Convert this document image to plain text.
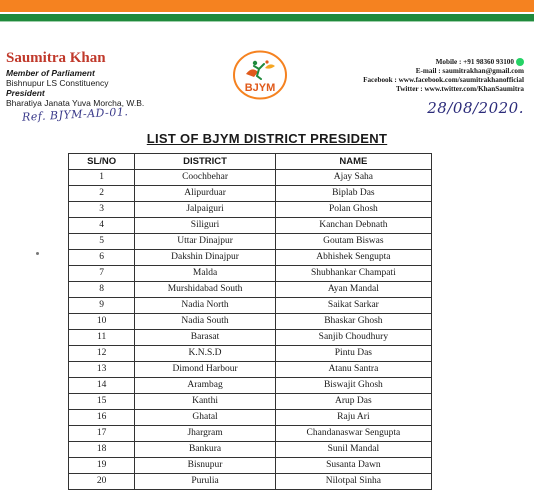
Saumitra Khan
Member of Parliament
Bishnupur LS Constituency
President
Bharatiya Janata Yuva Morcha, W.B.
Ref. BJYM-AD-01.
BJYM
Mobile : +91 98360 93100
E-mail : saumitrakhan@gmail.com
Facebook : www.facebook.com/saumitrakhanofficial
Twitter : www.twitter.com/KhanSaumitra
28/08/2020.
LIST OF BJYM DISTRICT PRESIDENT
SL/NO	DISTRICT	NAME
1	Coochbehar	Ajay Saha
2	Alipurduar	Biplab Das
3	Jalpaiguri	Polan Ghosh
4	Siliguri	Kanchan Debnath
5	Uttar Dinajpur	Goutam Biswas
6	Dakshin Dinajpur	Abhishek Sengupta
7	Malda	Shubhankar Champati
8	Murshidabad South	Ayan Mandal
9	Nadia North	Saikat Sarkar
10	Nadia South	Bhaskar Ghosh
11	Barasat	Sanjib Choudhury
12	K.N.S.D	Pintu Das
13	Dimond Harbour	Atanu Santra
14	Arambag	Biswajit Ghosh
15	Kanthi	Arup Das
16	Ghatal	Raju Ari
17	Jhargram	Chandanaswar Sengupta
18	Bankura	Sunil Mandal
19	Bisnupur	Susanta Dawn
20	Purulia	Nilotpal Sinha
